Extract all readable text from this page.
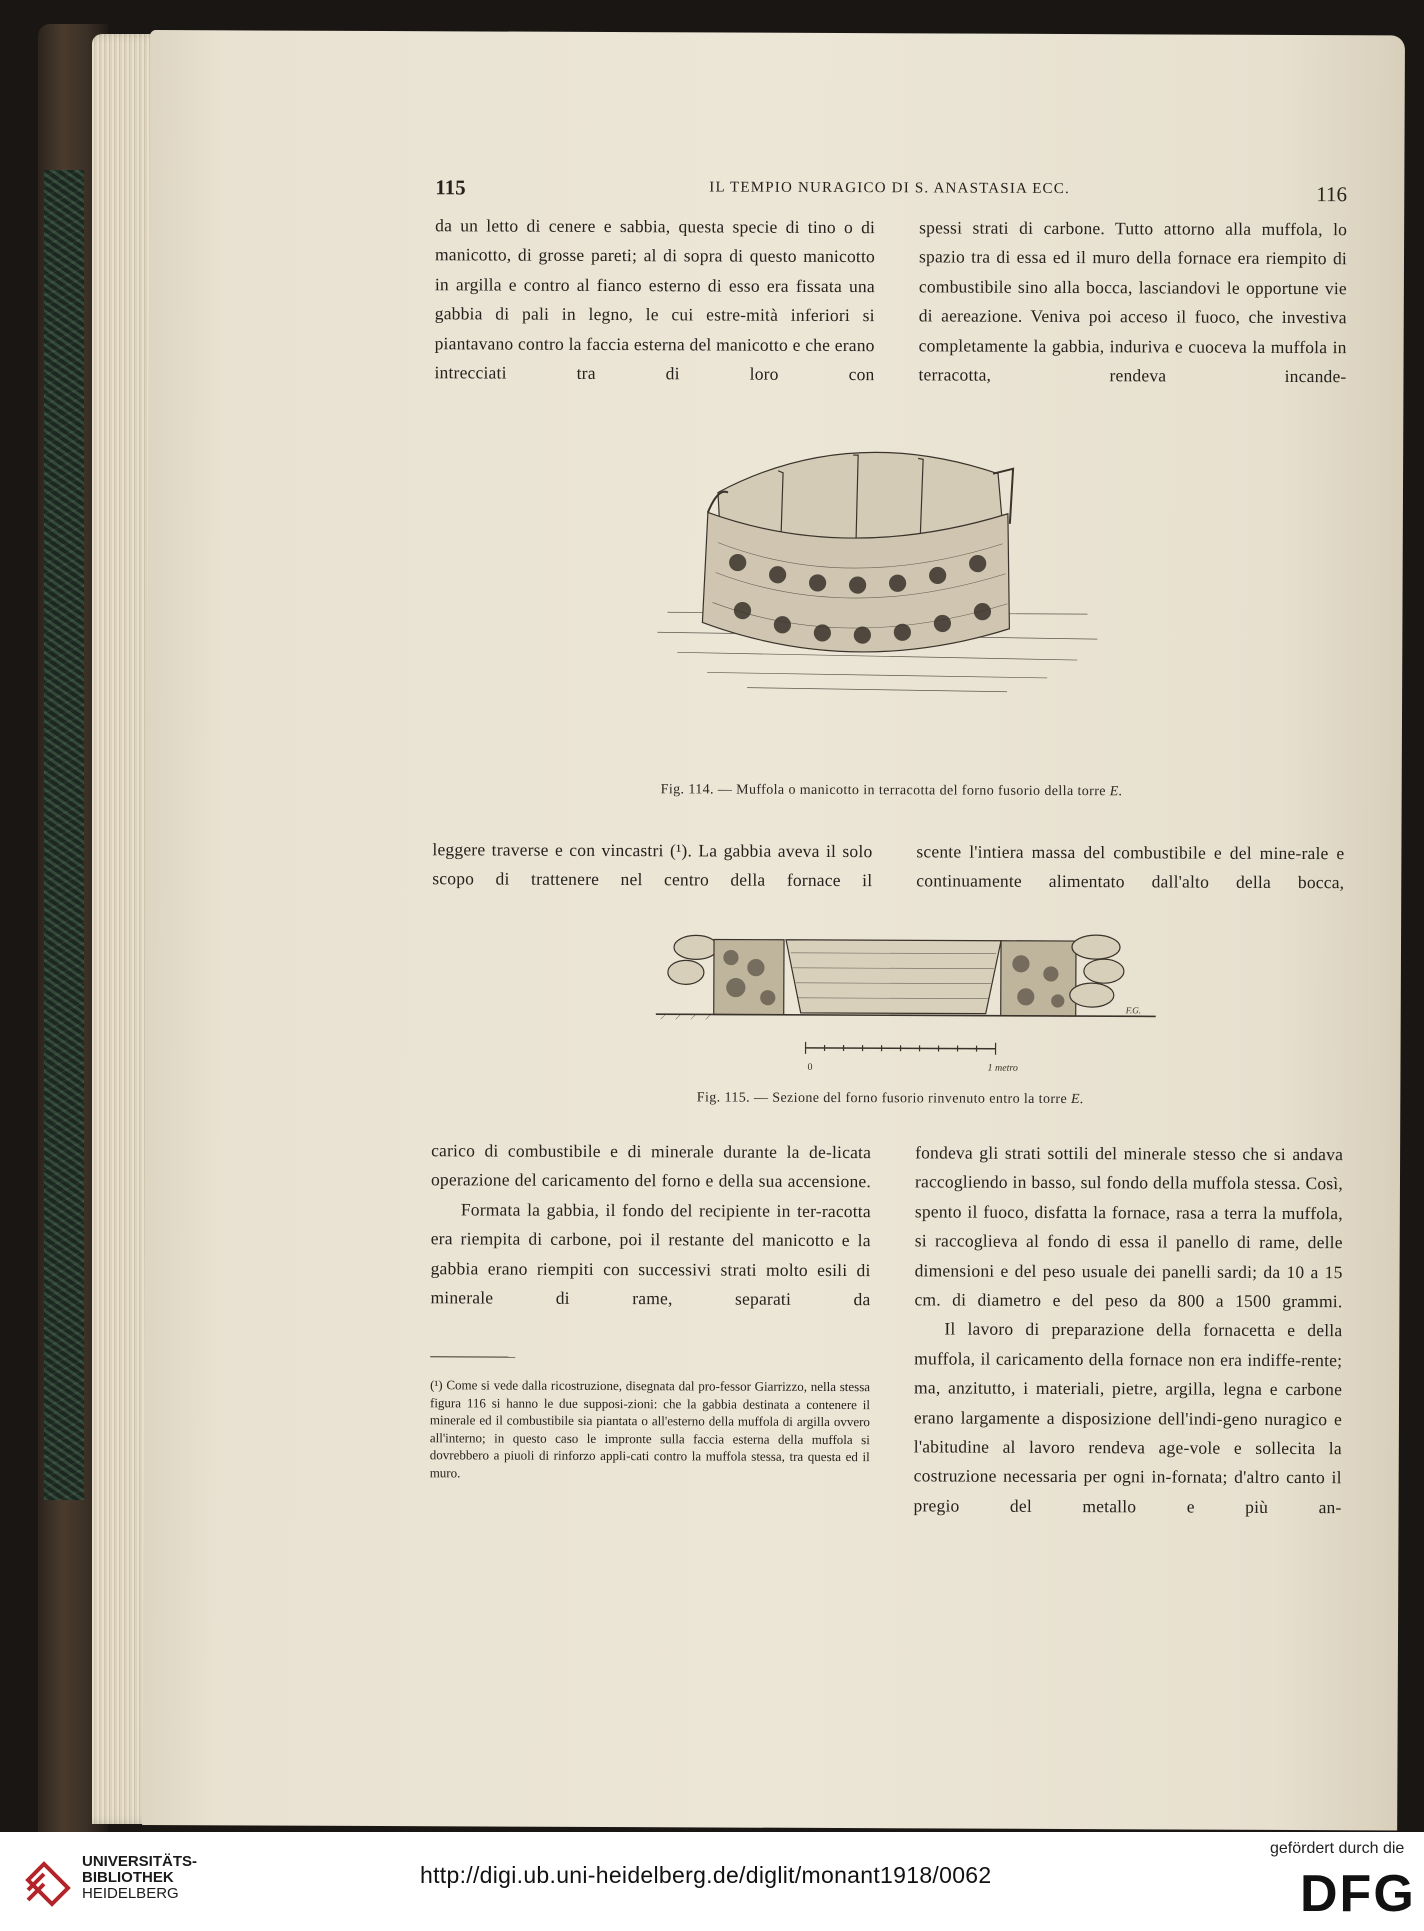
115	IL TEMPIO NURAGICO DI S. ANASTASIA ECC.	116
da un letto di cenere e sabbia, questa specie di tino o di manicotto, di grosse pareti; al di sopra di questo manicotto in argilla e contro al fianco esterno di esso era fissata una gabbia di pali in legno, le cui estre-mità inferiori si piantavano contro la faccia esterna del manicotto e che erano intrecciati tra di loro con
spessi strati di carbone. Tutto attorno alla muffola, lo spazio tra di essa ed il muro della fornace era riempito di combustibile sino alla bocca, lasciandovi le opportune vie di aereazione. Veniva poi acceso il fuoco, che investiva completamente la gabbia, induriva e cuoceva la muffola in terracotta, rendeva incande-
Fig. 114. — Muffola o manicotto in terracotta del forno fusorio della torre E.
leggere traverse e con vincastri (¹). La gabbia aveva il solo scopo di trattenere nel centro della fornace il
scente l'intiera massa del combustibile e del mine-rale e continuamente alimentato dall'alto della bocca,
0	1 metro
F.G.
Fig. 115. — Sezione del forno fusorio rinvenuto entro la torre E.
carico di combustibile e di minerale durante la de-licata operazione del caricamento del forno e della sua accensione.
Formata la gabbia, il fondo del recipiente in ter-racotta era riempita di carbone, poi il restante del manicotto e la gabbia erano riempiti con successivi strati molto esili di minerale di rame, separati da
(¹) Come si vede dalla ricostruzione, disegnata dal pro-fessor Giarrizzo, nella stessa figura 116 si hanno le due supposi-zioni: che la gabbia destinata a contenere il minerale ed il combustibile sia piantata o all'esterno della muffola di argilla ovvero all'interno; in questo caso le impronte sulla faccia esterna della muffola si dovrebbero a piuoli di rinforzo appli-cati contro la muffola stessa, tra questa ed il muro.
fondeva gli strati sottili del minerale stesso che si andava raccogliendo in basso, sul fondo della muffola stessa. Così, spento il fuoco, disfatta la fornace, rasa a terra la muffola, si raccoglieva al fondo di essa il panello di rame, delle dimensioni e del peso usuale dei panelli sardi; da 10 a 15 cm. di diametro e del peso da 800 a 1500 grammi.
Il lavoro di preparazione della fornacetta e della muffola, il caricamento della fornace non era indiffe-rente; ma, anzitutto, i materiali, pietre, argilla, legna e carbone erano largamente a disposizione dell'indi-geno nuragico e l'abitudine al lavoro rendeva age-vole e sollecita la costruzione necessaria per ogni in-fornata; d'altro canto il pregio del metallo e più an-
UNIVERSITÄTS-
BIBLIOTHEK
HEIDELBERG
http://digi.ub.uni-heidelberg.de/diglit/monant1918/0062
gefördert durch die
DFG
